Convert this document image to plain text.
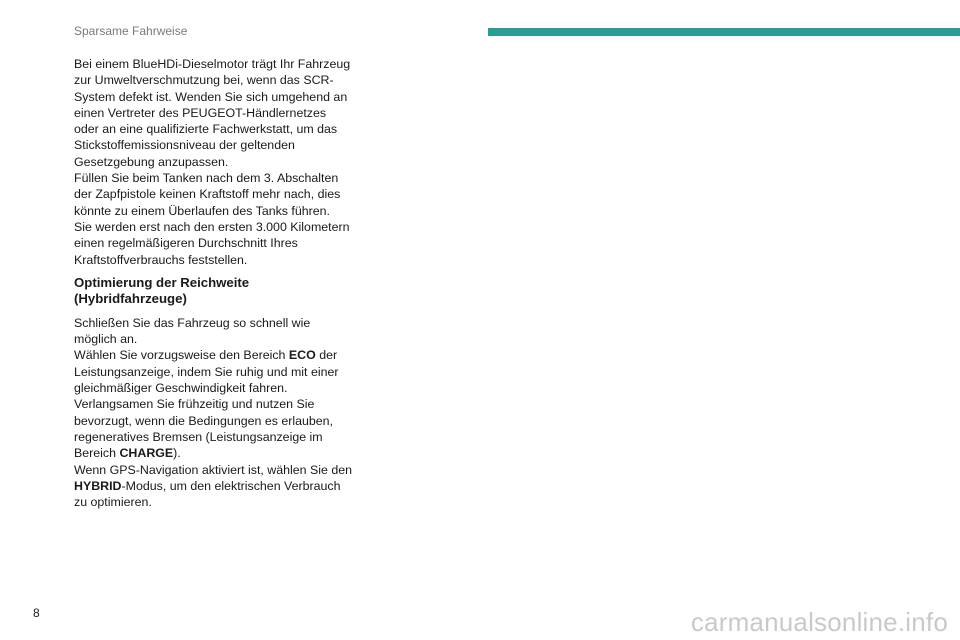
Sparsame Fahrweise

Bei einem BlueHDi-Dieselmotor trägt Ihr Fahrzeug zur Umweltverschmutzung bei, wenn das SCR-System defekt ist. Wenden Sie sich umgehend an einen Vertreter des PEUGEOT-Händlernetzes oder an eine qualifizierte Fachwerkstatt, um das Stickstoffemissionsniveau der geltenden Gesetzgebung anzupassen.

Füllen Sie beim Tanken nach dem 3. Abschalten der Zapfpistole keinen Kraftstoff mehr nach, dies könnte zu einem Überlaufen des Tanks führen.

Sie werden erst nach den ersten 3.000 Kilometern einen regelmäßigeren Durchschnitt Ihres Kraftstoffverbrauchs feststellen.

Optimierung der Reichweite
(Hybridfahrzeuge)

Schließen Sie das Fahrzeug so schnell wie möglich an.

Wählen Sie vorzugsweise den Bereich ECO der Leistungsanzeige, indem Sie ruhig und mit einer gleichmäßiger Geschwindigkeit fahren.

Verlangsamen Sie frühzeitig und nutzen Sie bevorzugt, wenn die Bedingungen es erlauben, regeneratives Bremsen (Leistungsanzeige im Bereich CHARGE).

Wenn GPS-Navigation aktiviert ist, wählen Sie den HYBRID-Modus, um den elektrischen Verbrauch zu optimieren.

8	carmanualsonline.info
